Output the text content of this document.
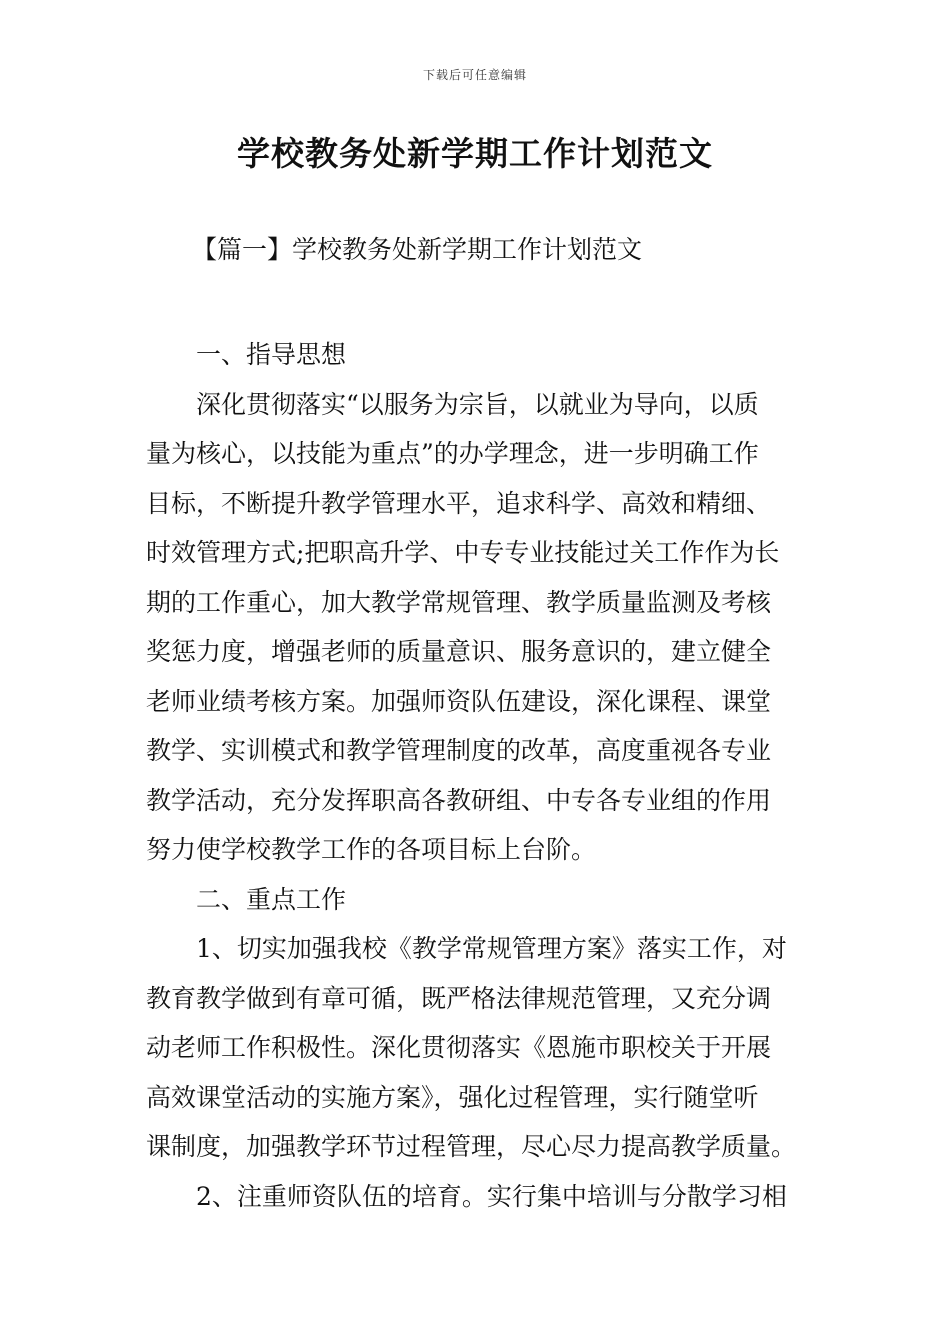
下载后可任意编辑
学校教务处新学期工作计划范文
【篇一】学校教务处新学期工作计划范文
一、指导思想
深化贯彻落实“以服务为宗旨，以就业为导向，以质
量为核心，以技能为重点”的办学理念，进一步明确工作
目标，不断提升教学管理水平，追求科学、高效和精细、
时效管理方式;把职高升学、中专专业技能过关工作作为长
期的工作重心，加大教学常规管理、教学质量监测及考核
奖惩力度，增强老师的质量意识、服务意识的，建立健全
老师业绩考核方案。加强师资队伍建设，深化课程、课堂
教学、实训模式和教学管理制度的改革，高度重视各专业
教学活动，充分发挥职高各教研组、中专各专业组的作用
努力使学校教学工作的各项目标上台阶。
二、重点工作
1、切实加强我校《教学常规管理方案》落实工作，对
教育教学做到有章可循，既严格法律规范管理，又充分调
动老师工作积极性。深化贯彻落实《恩施市职校关于开展
高效课堂活动的实施方案》，强化过程管理，实行随堂听
课制度，加强教学环节过程管理，尽心尽力提高教学质量。
2、注重师资队伍的培育。实行集中培训与分散学习相
